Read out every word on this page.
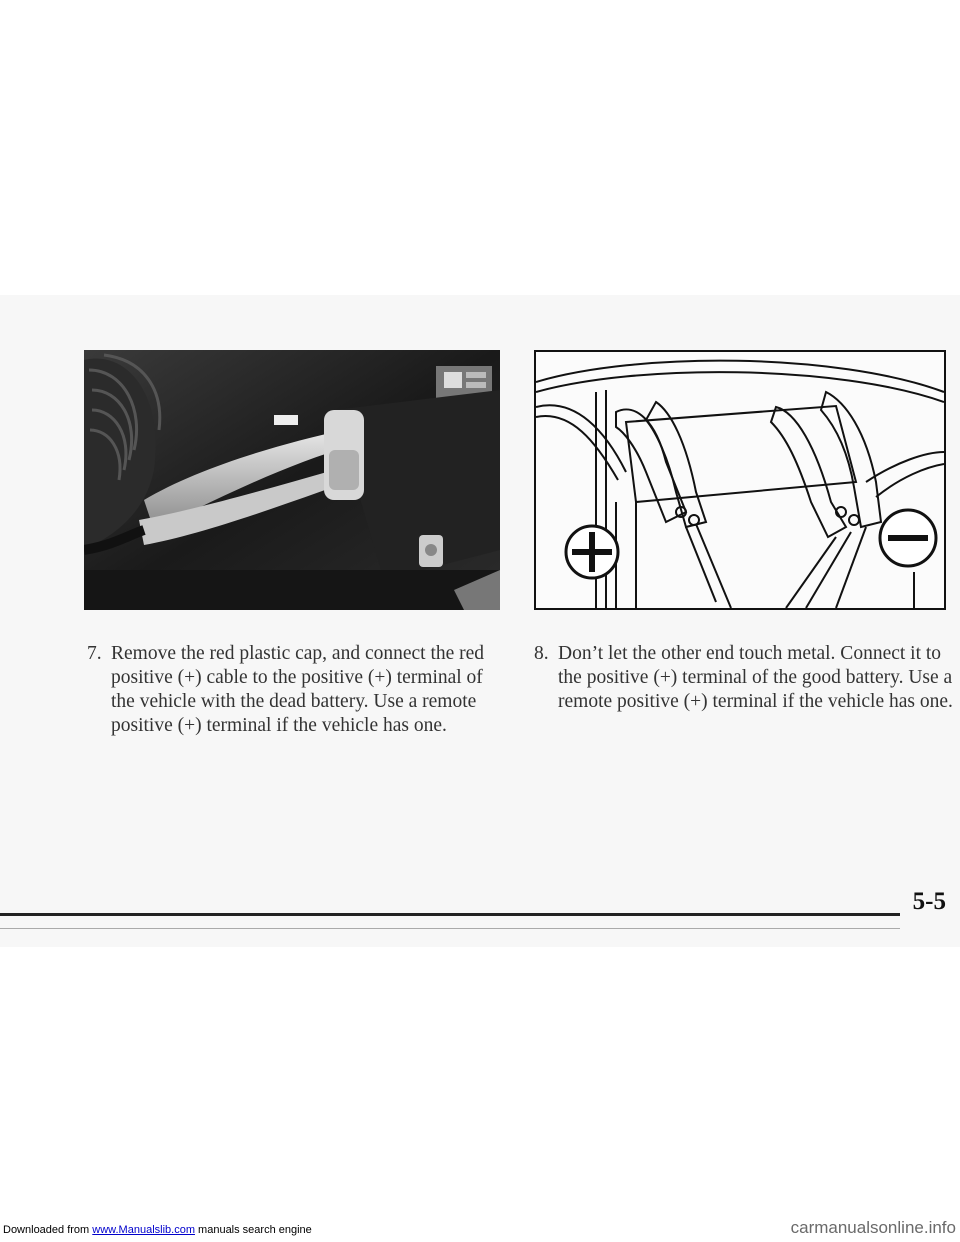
7. Remove the red plastic cap, and connect the red positive (+) cable to the positive (+) terminal of the vehicle with the dead battery. Use a remote positive (+) terminal if the vehicle has one.
8. Don’t let the other end touch metal. Connect it to the positive (+) terminal of the good battery. Use a remote positive (+) terminal if the vehicle has one.
5-5
Downloaded from www.Manualslib.com manuals search engine	carmanualsonline.info
